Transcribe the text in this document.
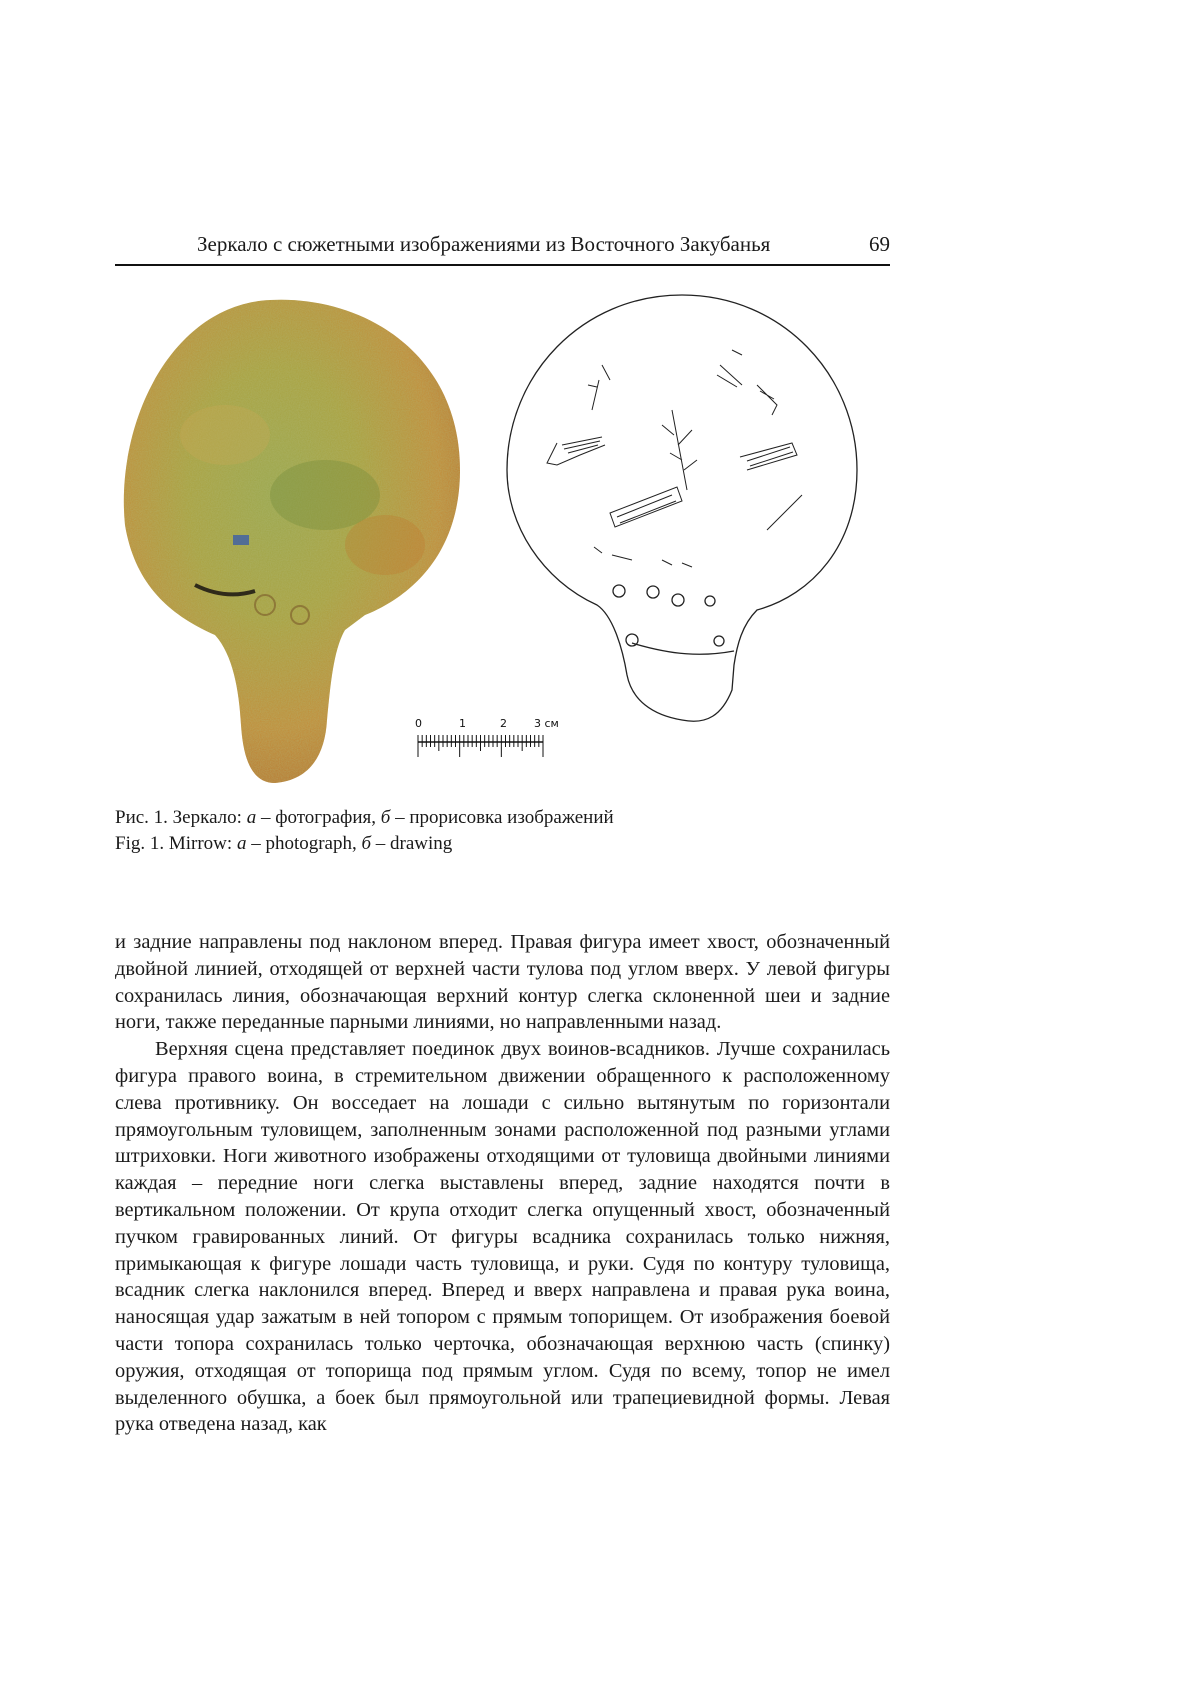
Зеркало с сюжетными изображениями из Восточного Закубанья	69
0	1	2 3 см
Рис. 1. Зеркало: а – фотография, б – прорисовка изображений
Fig. 1. Mirrow: а – photograph, б – drawing

и задние направлены под наклоном вперед. Правая фигура имеет хвост, обозначенный двойной линией, отходящей от верхней части тулова под углом вверх. У левой фигуры сохранилась линия, обозначающая верхний контур слегка склоненной шеи и задние ноги, также переданные парными линиями, но направленными назад.

Верхняя сцена представляет поединок двух воинов-всадников. Лучше сохранилась фигура правого воина, в стремительном движении обращенного к расположенному слева противнику. Он восседает на лошади с сильно вытянутым по горизонтали прямоугольным туловищем, заполненным зонами расположенной под разными углами штриховки. Ноги животного изображены отходящими от туловища двойными линиями каждая – передние ноги слегка выставлены вперед, задние находятся почти в вертикальном положении. От крупа отходит слегка опущенный хвост, обозначенный пучком гравированных линий. От фигуры всадника сохранилась только нижняя, примыкающая к фигуре лошади часть туловища, и руки. Судя по контуру туловища, всадник слегка наклонился вперед. Вперед и вверх направлена и правая рука воина, наносящая удар зажатым в ней топором с прямым топорищем. От изображения боевой части топора сохранилась только черточка, обозначающая верхнюю часть (спинку) оружия, отходящая от топорища под прямым углом. Судя по всему, топор не имел выделенного обушка, а боек был прямоугольной или трапециевидной формы. Левая рука отведена назад, как
